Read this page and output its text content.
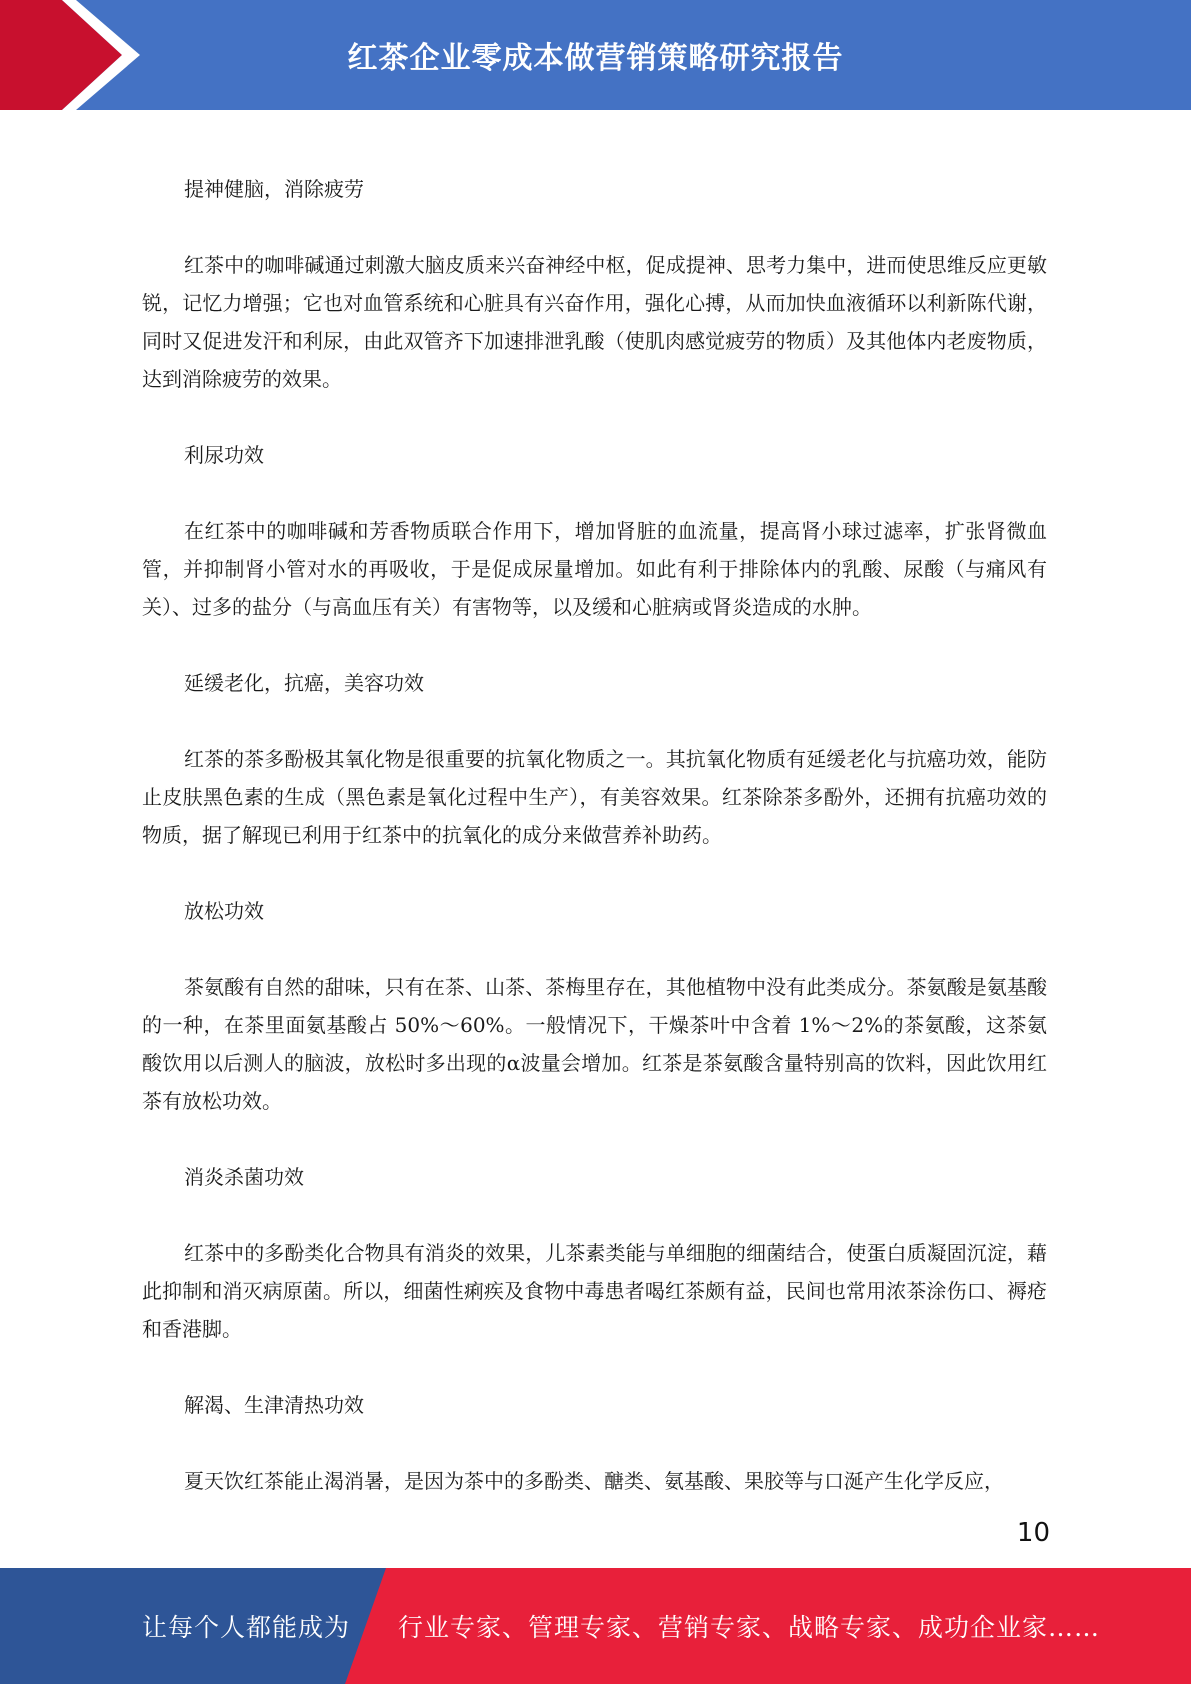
红茶企业零成本做营销策略研究报告

提神健脑，消除疲劳

红茶中的咖啡碱通过刺激大脑皮质来兴奋神经中枢，促成提神、思考力集中，进而使思维反应更敏锐，记忆力增强；它也对血管系统和心脏具有兴奋作用，强化心搏，从而加快血液循环以利新陈代谢，同时又促进发汗和利尿，由此双管齐下加速排泄乳酸（使肌肉感觉疲劳的物质）及其他体内老废物质，达到消除疲劳的效果。

利尿功效

在红茶中的咖啡碱和芳香物质联合作用下，增加肾脏的血流量，提高肾小球过滤率，扩张肾微血管，并抑制肾小管对水的再吸收，于是促成尿量增加。如此有利于排除体内的乳酸、尿酸（与痛风有关）、过多的盐分（与高血压有关）有害物等，以及缓和心脏病或肾炎造成的水肿。

延缓老化，抗癌，美容功效

红茶的茶多酚极其氧化物是很重要的抗氧化物质之一。其抗氧化物质有延缓老化与抗癌功效，能防止皮肤黑色素的生成（黑色素是氧化过程中生产），有美容效果。红茶除茶多酚外，还拥有抗癌功效的物质，据了解现已利用于红茶中的抗氧化的成分来做营养补助药。

放松功效

茶氨酸有自然的甜味，只有在茶、山茶、茶梅里存在，其他植物中没有此类成分。茶氨酸是氨基酸的一种，在茶里面氨基酸占 50%～60%。一般情况下，干燥茶叶中含着 1%～2%的茶氨酸，这茶氨酸饮用以后测人的脑波，放松时多出现的α波量会增加。红茶是茶氨酸含量特别高的饮料，因此饮用红茶有放松功效。

消炎杀菌功效

红茶中的多酚类化合物具有消炎的效果，儿茶素类能与单细胞的细菌结合，使蛋白质凝固沉淀，藉此抑制和消灭病原菌。所以，细菌性痢疾及食物中毒患者喝红茶颇有益，民间也常用浓茶涂伤口、褥疮和香港脚。

解渴、生津清热功效

夏天饮红茶能止渴消暑，是因为茶中的多酚类、醣类、氨基酸、果胶等与口涎产生化学反应，

10
让每个人都能成为 行业专家、管理专家、营销专家、战略专家、成功企业家……
